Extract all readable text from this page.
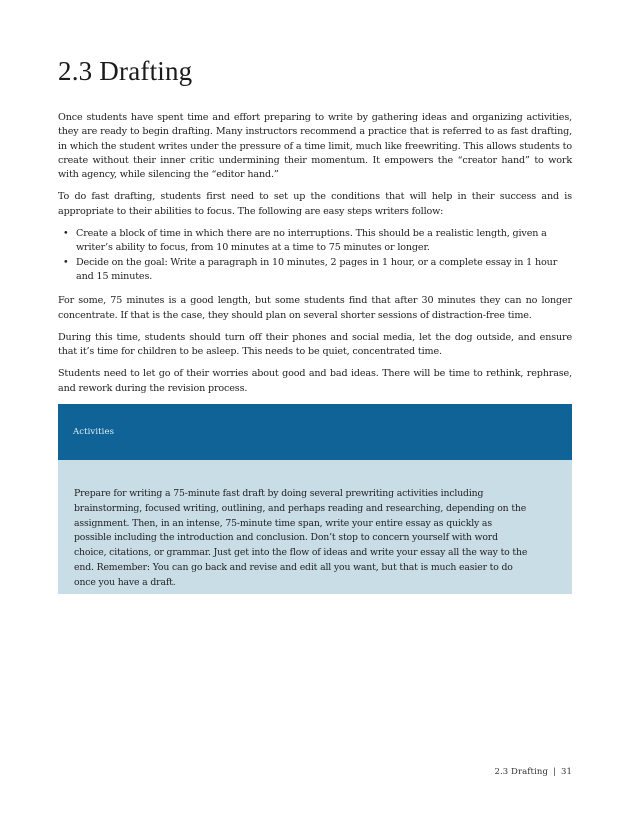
2.3 Drafting

Once students have spent time and effort preparing to write by gathering ideas and organizing activities, they are ready to begin drafting. Many instructors recommend a practice that is referred to as fast drafting, in which the student writes under the pressure of a time limit, much like freewriting. This allows students to create without their inner critic undermining their momentum. It empowers the “creator hand” to work with agency, while silencing the “editor hand.”

To do fast drafting, students first need to set up the conditions that will help in their success and is appropriate to their abilities to focus. The following are easy steps writers follow:

• Create a block of time in which there are no interruptions. This should be a realistic length, given a writer’s ability to focus, from 10 minutes at a time to 75 minutes or longer.
• Decide on the goal: Write a paragraph in 10 minutes, 2 pages in 1 hour, or a complete essay in 1 hour and 15 minutes.

For some, 75 minutes is a good length, but some students find that after 30 minutes they can no longer concentrate. If that is the case, they should plan on several shorter sessions of distraction-free time.

During this time, students should turn off their phones and social media, let the dog outside, and ensure that it’s time for children to be asleep. This needs to be quiet, concentrated time.

Students need to let go of their worries about good and bad ideas. There will be time to rethink, rephrase, and rework during the revision process.

Activities

Prepare for writing a 75-minute fast draft by doing several prewriting activities including brainstorming, focused writing, outlining, and perhaps reading and researching, depending on the assignment. Then, in an intense, 75-minute time span, write your entire essay as quickly as possible including the introduction and conclusion. Don’t stop to concern yourself with word choice, citations, or grammar. Just get into the flow of ideas and write your essay all the way to the end. Remember: You can go back and revise and edit all you want, but that is much easier to do once you have a draft.

2.3 Drafting | 31
